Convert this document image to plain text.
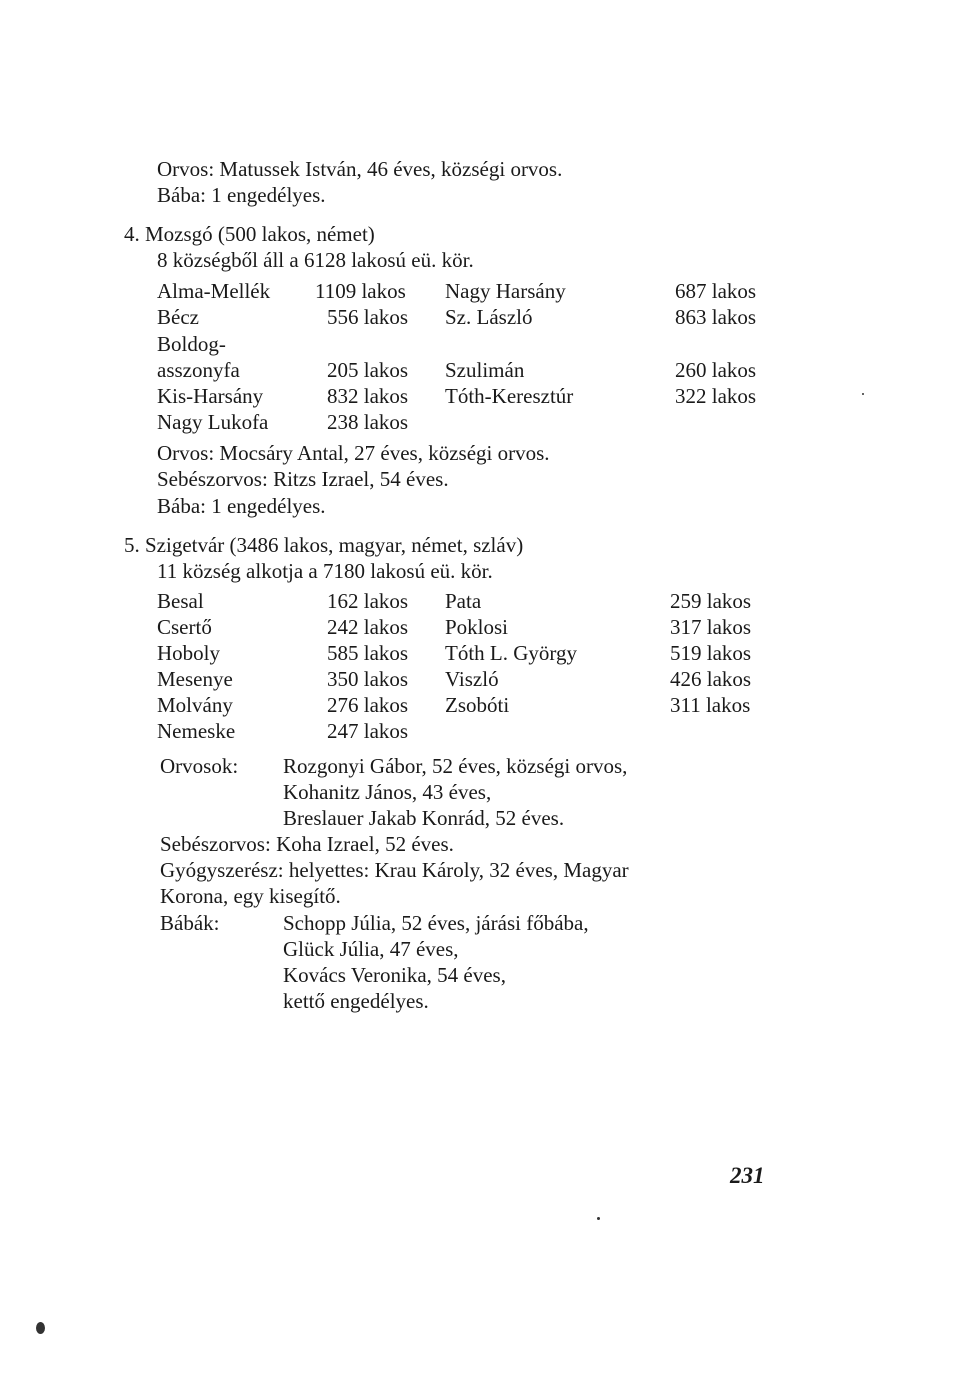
Orvos: Matussek István, 46 éves, községi orvos.
Bába: 1 engedélyes.
4. Mozsgó (500 lakos, német)
8 községből áll a 6128 lakosú eü. kör.
Alma-Mellék 1109 lakos Nagy Harsány	687 lakos
Bécz	556 lakos Sz. László	863 lakos
Boldog-
asszonyfa	205 lakos Szulimán	260 lakos
Kis-Harsány	832 lakos Tóth-Keresztúr	322 lakos
Nagy Lukofa	238 lakos
Orvos: Mocsáry Antal, 27 éves, községi orvos.
Sebészorvos: Ritzs Izrael, 54 éves.
Bába: 1 engedélyes.
5. Szigetvár (3486 lakos, magyar, német, szláv)
11 község alkotja a 7180 lakosú eü. kör.
Besal	162 lakos Pata	259 lakos
Csertő	242 lakos Poklosi	317 lakos
Hoboly	585 lakos Tóth L. György	519 lakos
Mesenye	350 lakos Viszló	426 lakos
Molvány	276 lakos Zsobóti	311 lakos
Nemeske	247 lakos
Orvosok: Rozgonyi Gábor, 52 éves, községi orvos,
Kohanitz János, 43 éves,
Breslauer Jakab Konrád, 52 éves.
Sebészorvos: Koha Izrael, 52 éves.
Gyógyszerész: helyettes: Krau Károly, 32 éves, Magyar
Korona, egy kisegítő.
Bábák:	Schopp Júlia, 52 éves, járási főbába,
Glück Júlia, 47 éves,
Kovács Veronika, 54 éves,
kettő engedélyes.
231
